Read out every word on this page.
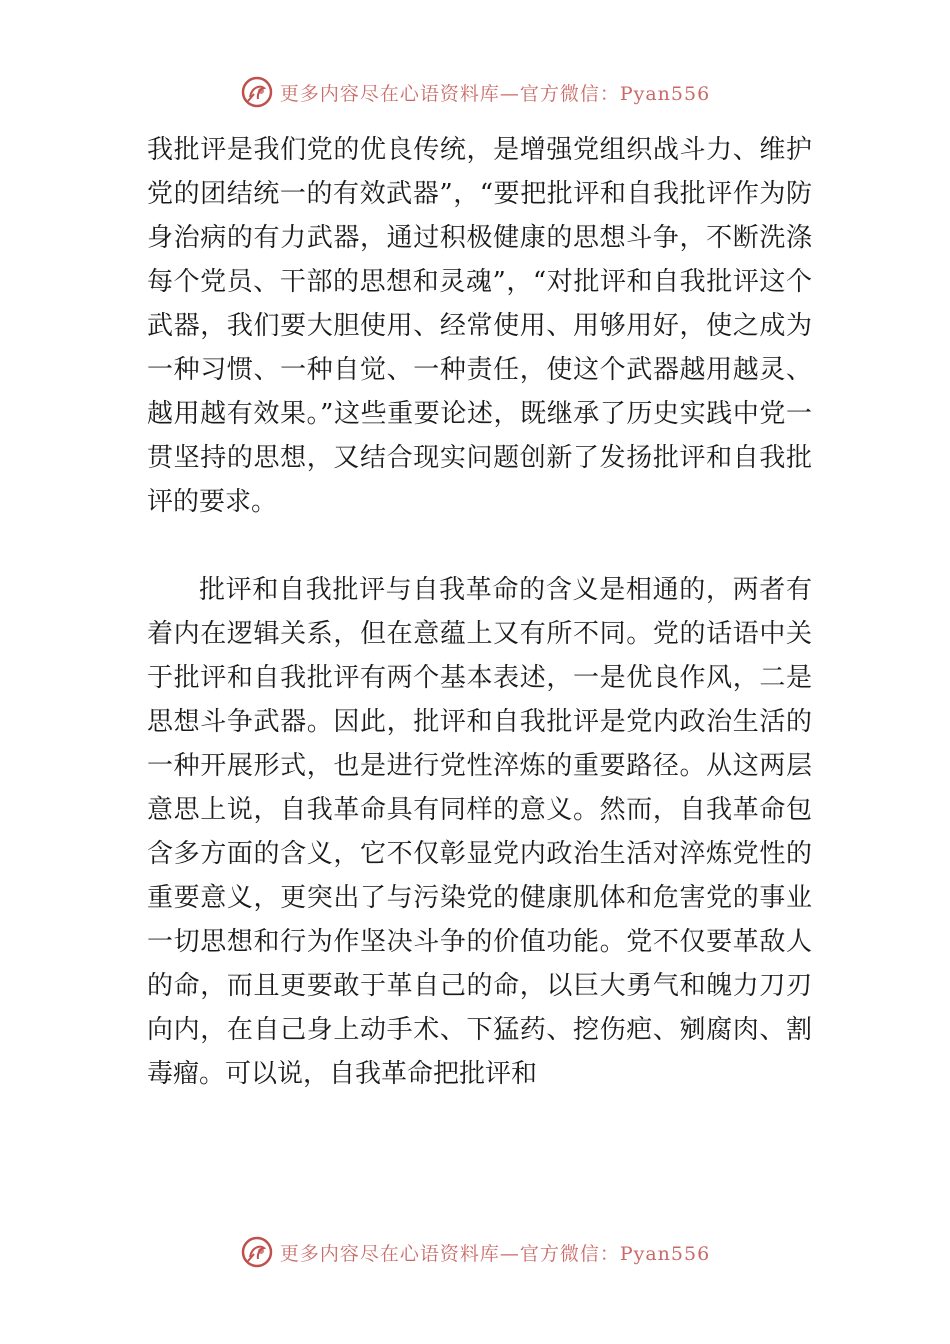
更多内容尽在心语资料库—官方微信：Pyan556

我批评是我们党的优良传统，是增强党组织战斗力、维护党的团结统一的有效武器”，“要把批评和自我批评作为防身治病的有力武器，通过积极健康的思想斗争，不断洗涤每个党员、干部的思想和灵魂”，“对批评和自我批评这个武器，我们要大胆使用、经常使用、用够用好，使之成为一种习惯、一种自觉、一种责任，使这个武器越用越灵、越用越有效果。”这些重要论述，既继承了历史实践中党一贯坚持的思想，又结合现实问题创新了发扬批评和自我批评的要求。

批评和自我批评与自我革命的含义是相通的，两者有着内在逻辑关系，但在意蕴上又有所不同。党的话语中关于批评和自我批评有两个基本表述，一是优良作风，二是思想斗争武器。因此，批评和自我批评是党内政治生活的一种开展形式，也是进行党性淬炼的重要路径。从这两层意思上说，自我革命具有同样的意义。然而，自我革命包含多方面的含义，它不仅彰显党内政治生活对淬炼党性的重要意义，更突出了与污染党的健康肌体和危害党的事业一切思想和行为作坚决斗争的价值功能。党不仅要革敌人的命，而且更要敢于革自己的命，以巨大勇气和魄力刀刃向内，在自己身上动手术、下猛药、挖伤疤、剜腐肉、割毒瘤。可以说，自我革命把批评和

更多内容尽在心语资料库—官方微信：Pyan556
